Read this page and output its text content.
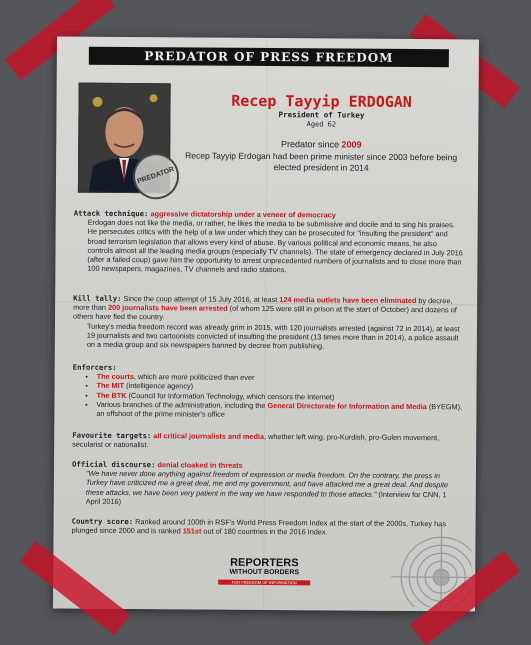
PREDATOR OF PRESS FREEDOM
PREDATOR
Recep Tayyip ERDOGAN
President of Turkey
Aged 62
Predator since 2009
Recep Tayyip Erdogan had been prime minister since 2003 before being elected president in 2014
Attack technique: aggressive dictatorship under a veneer of democracy
Erdogan does not like the media, or rather, he likes the media to be submissive and docile and to sing his praises. He persecutes critics with the help of a law under which they can be prosecuted for "insulting the president" and broad terrorism legislation that allows every kind of abuse. By various political and economic means, he also controls almost all the leading media groups (especially TV channels). The state of emergency declared in July 2016 (after a failed coup) gave him the opportunity to arrest unprecedented numbers of journalists and to close more than 100 newspapers, magazines, TV channels and radio stations.
Kill tally: Since the coup attempt of 15 July 2016, at least 124 media outlets have been eliminated by decree, more than 200 journalists have been arrested (of whom 125 were still in prison at the start of October) and dozens of others have fled the country.
Turkey's media freedom record was already grim in 2015, with 120 journalists arrested (against 72 in 2014), at least 19 journalists and two cartoonists convicted of insulting the president (13 times more than in 2014), a police assault on a media group and six newspapers banned by decree from publishing.
Enforcers:
• The courts, which are more politicized than ever
• The MIT (intelligence agency)
• The BTK (Council for Information Technology, which censors the Internet)
• Various branches of the administration, including the General Directorate for Information and Media (BYEGM), an offshoot of the prime minister's office
Favourite targets: all critical journalists and media, whether left wing, pro-Kurdish, pro-Gulen movement, secularist or nationalist.
Official discourse: denial cloaked in threats
"We have never done anything against freedom of expression or media freedom. On the contrary, the press in Turkey have criticized me a great deal, me and my government, and have attacked me a great deal. And despite these attacks, we have been very patient in the way we have responded to those attacks." (Interview for CNN, 1 April 2016)
Country score: Ranked around 100th in RSF's World Press Freedom Index at the start of the 2000s, Turkey has plunged since 2000 and is ranked 151st out of 180 countries in the 2016 Index.
REPORTERS
WITHOUT BORDERS
FOR FREEDOM OF INFORMATION
